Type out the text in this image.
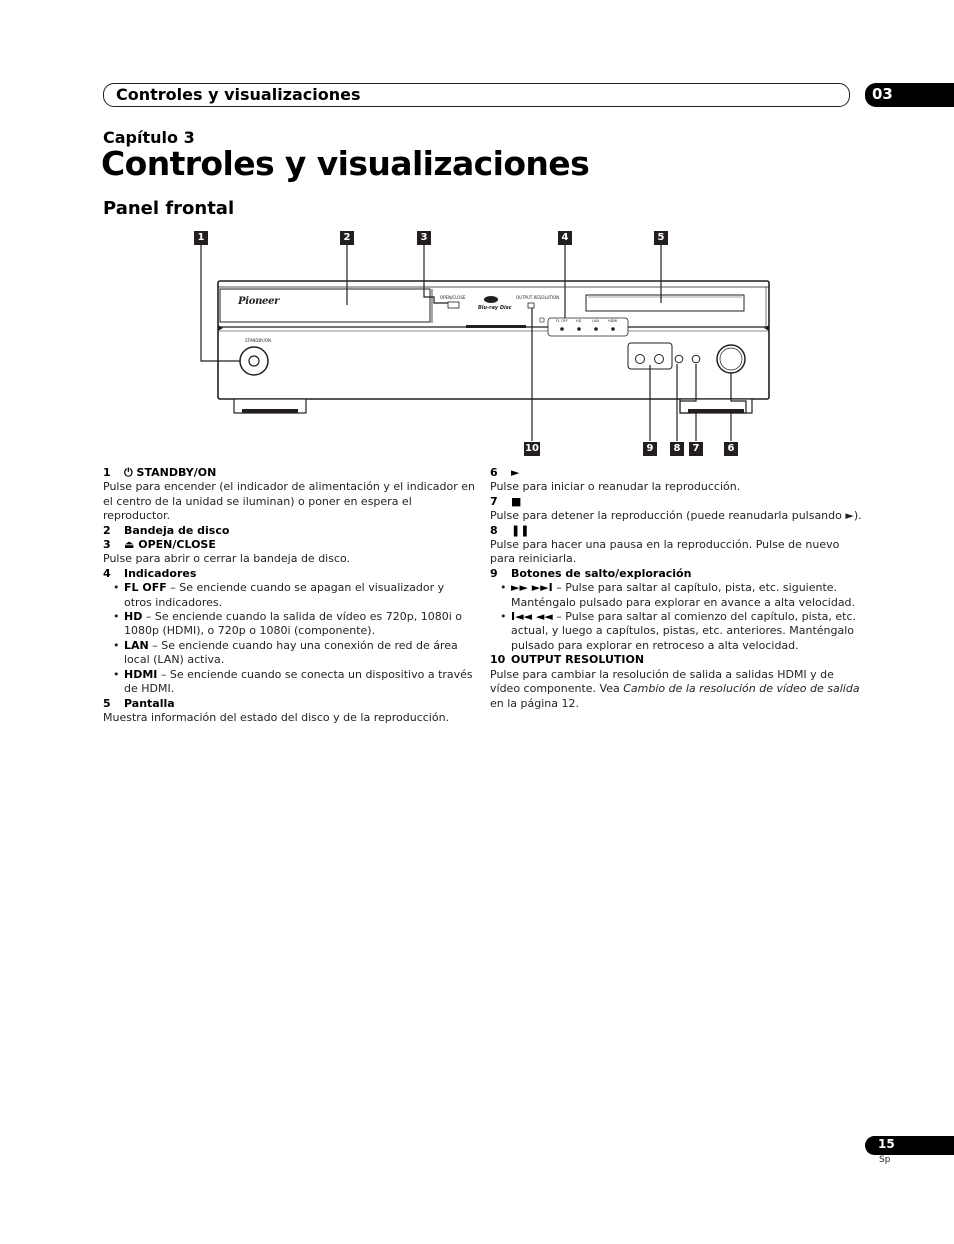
Controles y visualizaciones	03
Capítulo 3
Controles y visualizaciones
Panel frontal
Pioneer
Blu-ray Disc
OPEN/CLOSE	OUTPUT RESOLUTION
STANDBY/ON
FL OFF HD	LAN	HDMI
1	2	3	4	5
10	9	8	7	6
1 ⏻ STANDBY/ON
Pulse para encender (el indicador de alimentación y el indicador en el centro de la unidad se iluminan) o poner en espera el reproductor.
2 Bandeja de disco
3 ⏏ OPEN/CLOSE
Pulse para abrir o cerrar la bandeja de disco.
4 Indicadores
• FL OFF – Se enciende cuando se apagan el visualizador y otros indicadores.
• HD – Se enciende cuando la salida de vídeo es 720p, 1080i o 1080p (HDMI), o 720p o 1080i (componente).
• LAN – Se enciende cuando hay una conexión de red de área local (LAN) activa.
• HDMI – Se enciende cuando se conecta un dispositivo a través de HDMI.
5 Pantalla
Muestra información del estado del disco y de la reproducción.
6 ►
Pulse para iniciar o reanudar la reproducción.
7 ■
Pulse para detener la reproducción (puede reanudarla pulsando ►).
8 ❚❚
Pulse para hacer una pausa en la reproducción. Pulse de nuevo para reiniciarla.
9 Botones de salto/exploración
• ►► ►►I – Pulse para saltar al capítulo, pista, etc. siguiente. Manténgalo pulsado para explorar en avance a alta velocidad.
• I◄◄ ◄◄ – Pulse para saltar al comienzo del capítulo, pista, etc. actual, y luego a capítulos, pistas, etc. anteriores. Manténgalo pulsado para explorar en retroceso a alta velocidad.
10 OUTPUT RESOLUTION
Pulse para cambiar la resolución de salida a salidas HDMI y de vídeo componente. Vea Cambio de la resolución de vídeo de salida en la página 12.
15
Sp
